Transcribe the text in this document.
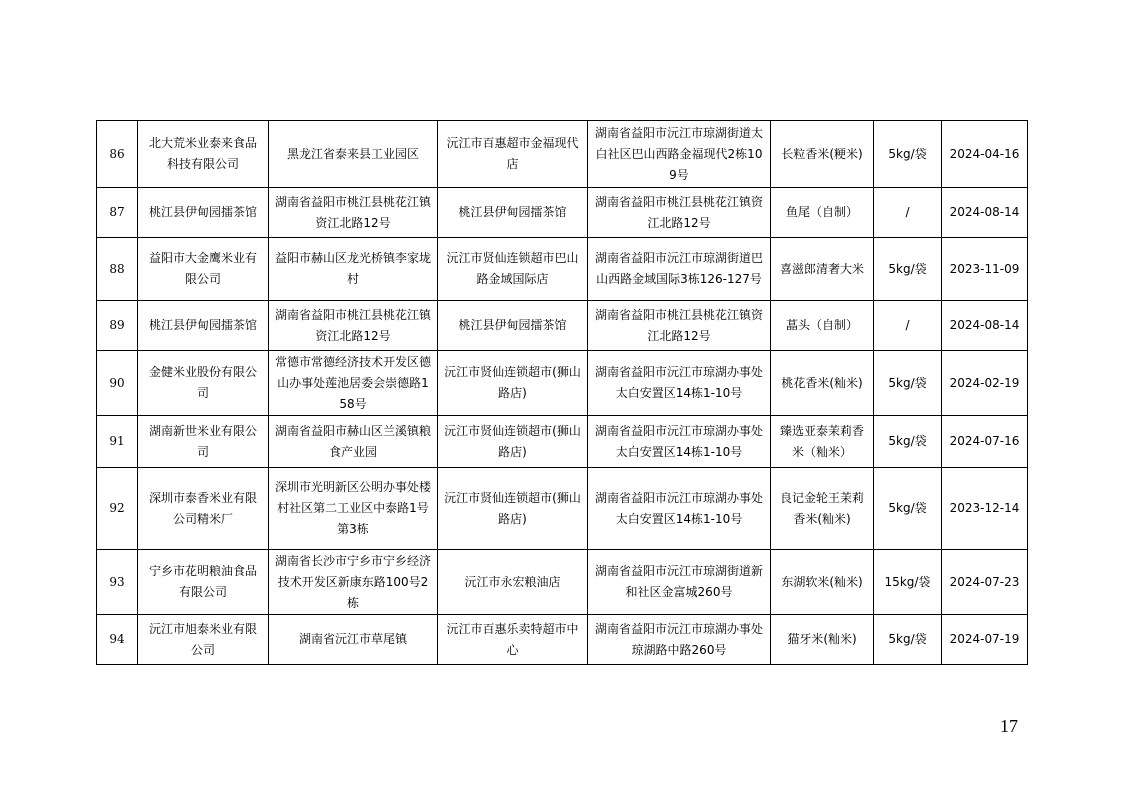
86	北大荒米业泰来食品科技有限公司	黑龙江省泰来县工业园区	沅江市百惠超市金福现代店	湖南省益阳市沅江市琼湖街道太白社区巴山西路金福现代2栋109号	长粒香米(粳米)	5kg/袋	2024-04-16
87	桃江县伊甸园擂茶馆	湖南省益阳市桃江县桃花江镇资江北路12号	桃江县伊甸园擂茶馆	湖南省益阳市桃江县桃花江镇资江北路12号	鱼尾（自制）	/	2024-08-14
88	益阳市大金鹰米业有限公司	益阳市赫山区龙光桥镇李家垅村	沅江市贤仙连锁超市巴山路金域国际店	湖南省益阳市沅江市琼湖街道巴山西路金域国际3栋126-127号	喜滋郎清奢大米	5kg/袋	2023-11-09
89	桃江县伊甸园擂茶馆	湖南省益阳市桃江县桃花江镇资江北路12号	桃江县伊甸园擂茶馆	湖南省益阳市桃江县桃花江镇资江北路12号	蕌头（自制）	/	2024-08-14
90	金健米业股份有限公司	常德市常德经济技术开发区德山办事处莲池居委会崇德路158号	沅江市贤仙连锁超市(狮山路店)	湖南省益阳市沅江市琼湖办事处太白安置区14栋1-10号	桃花香米(籼米)	5kg/袋	2024-02-19
91	湖南新世米业有限公司	湖南省益阳市赫山区兰溪镇粮食产业园	沅江市贤仙连锁超市(狮山路店)	湖南省益阳市沅江市琼湖办事处太白安置区14栋1-10号	臻选亚泰茉莉香米（籼米）	5kg/袋	2024-07-16
92	深圳市泰香米业有限公司精米厂	深圳市光明新区公明办事处楼村社区第二工业区中泰路1号第3栋	沅江市贤仙连锁超市(狮山路店)	湖南省益阳市沅江市琼湖办事处太白安置区14栋1-10号	良记金轮王茉莉香米(籼米)	5kg/袋	2023-12-14
93	宁乡市花明粮油食品有限公司	湖南省长沙市宁乡市宁乡经济技术开发区新康东路100号2栋	沅江市永宏粮油店	湖南省益阳市沅江市琼湖街道新和社区金富城260号	东湖软米(籼米)	15kg/袋	2024-07-23
94	沅江市旭泰米业有限公司	湖南省沅江市草尾镇	沅江市百惠乐卖特超市中心	湖南省益阳市沅江市琼湖办事处琼湖路中路260号	猫牙米(籼米)	5kg/袋	2024-07-19
17
